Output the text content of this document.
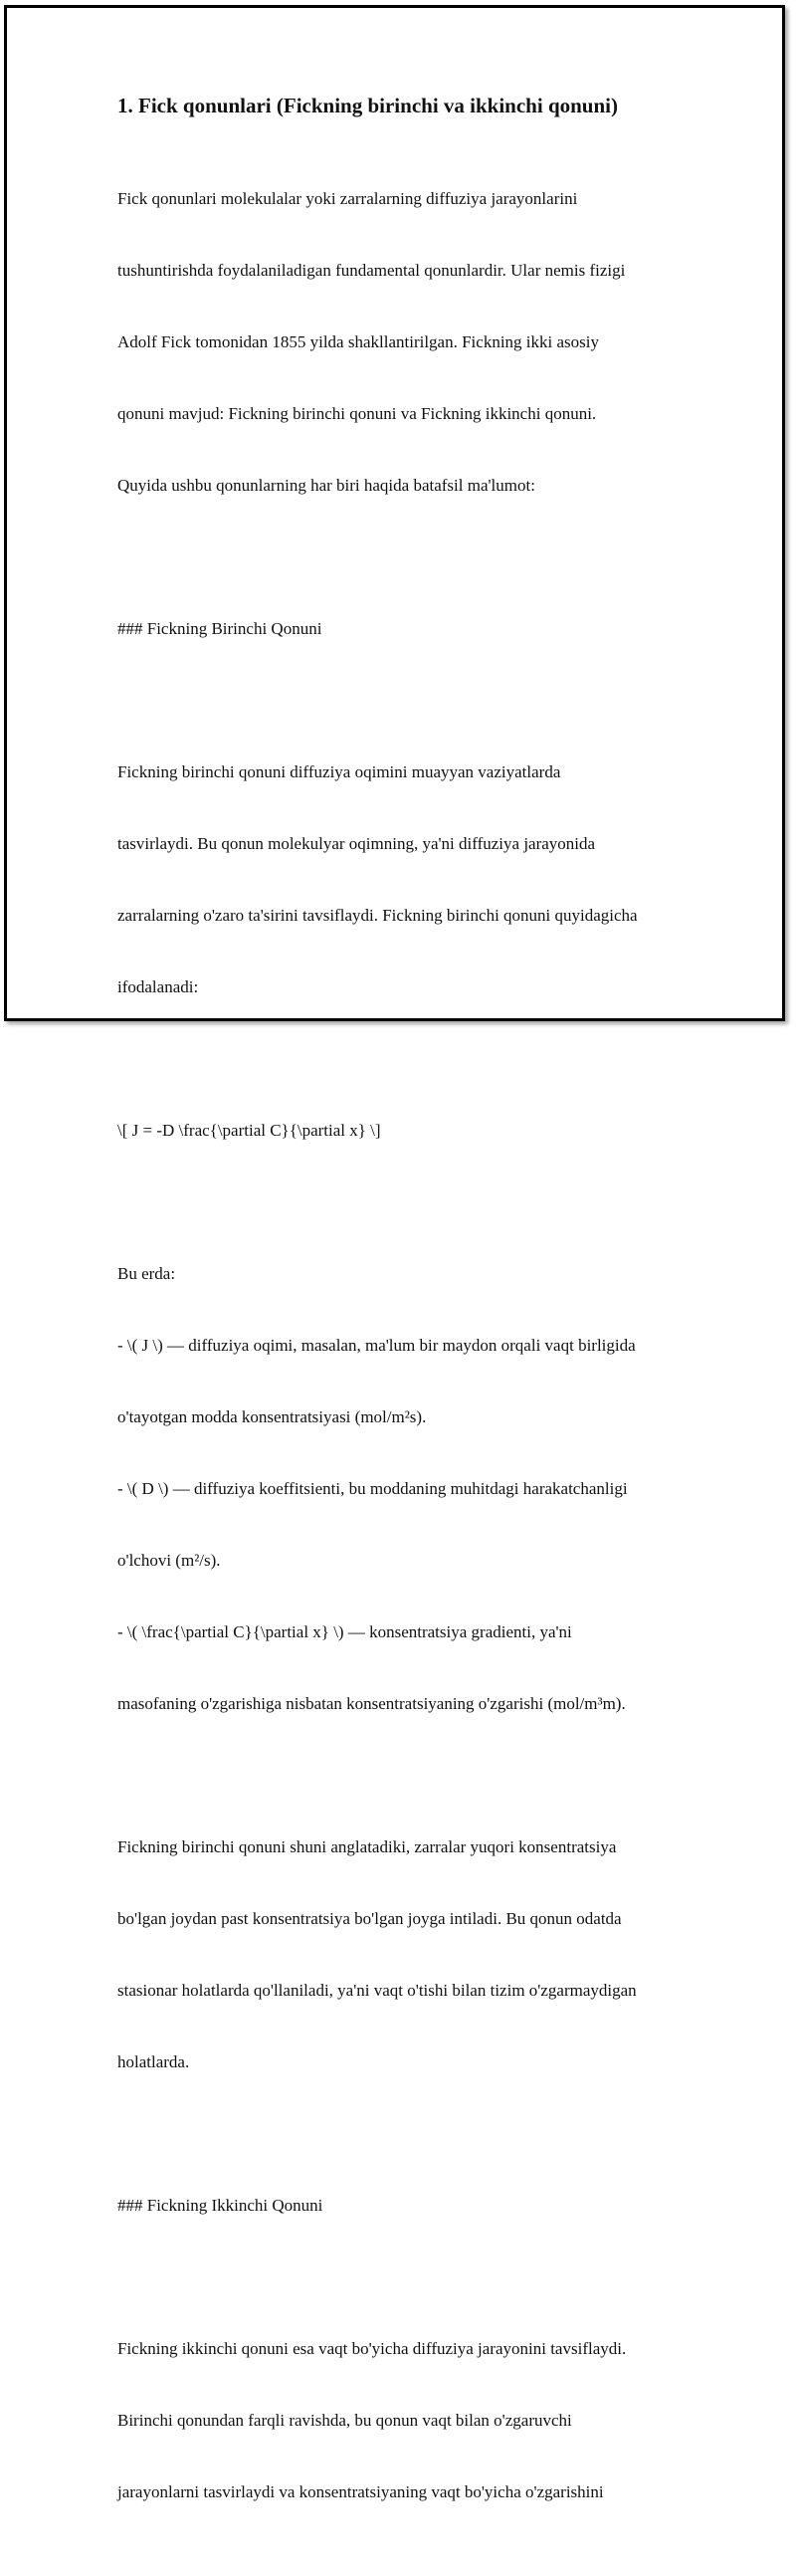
1. Fick qonunlari (Fickning birinchi va ikkinchi qonuni)

Fick qonunlari molekulalar yoki zarralarning diffuziya jarayonlarini

tushuntirishda foydalaniladigan fundamental qonunlardir. Ular nemis fizigi

Adolf Fick tomonidan 1855 yilda shakllantirilgan. Fickning ikki asosiy

qonuni mavjud: Fickning birinchi qonuni va Fickning ikkinchi qonuni.

Quyida ushbu qonunlarning har biri haqida batafsil ma'lumot:

### Fickning Birinchi Qonuni

Fickning birinchi qonuni diffuziya oqimini muayyan vaziyatlarda

tasvirlaydi. Bu qonun molekulyar oqimning, ya'ni diffuziya jarayonida

zarralarning o'zaro ta'sirini tavsiflaydi. Fickning birinchi qonuni quyidagicha

ifodalanadi:

\[ J = -D \frac{\partial C}{\partial x} \]

Bu erda:

- \( J \) — diffuziya oqimi, masalan, ma'lum bir maydon orqali vaqt birligida

o'tayotgan modda konsentratsiyasi (mol/m²s).

- \( D \) — diffuziya koeffitsienti, bu moddaning muhitdagi harakatchanligi

o'lchovi (m²/s).

- \( \frac{\partial C}{\partial x} \) — konsentratsiya gradienti, ya'ni

masofaning o'zgarishiga nisbatan konsentratsiyaning o'zgarishi (mol/m³m).

Fickning birinchi qonuni shuni anglatadiki, zarralar yuqori konsentratsiya

bo'lgan joydan past konsentratsiya bo'lgan joyga intiladi. Bu qonun odatda

stasionar holatlarda qo'llaniladi, ya'ni vaqt o'tishi bilan tizim o'zgarmaydigan

holatlarda.

### Fickning Ikkinchi Qonuni

Fickning ikkinchi qonuni esa vaqt bo'yicha diffuziya jarayonini tavsiflaydi.

Birinchi qonundan farqli ravishda, bu qonun vaqt bilan o'zgaruvchi

jarayonlarni tasvirlaydi va konsentratsiyaning vaqt bo'yicha o'zgarishini
